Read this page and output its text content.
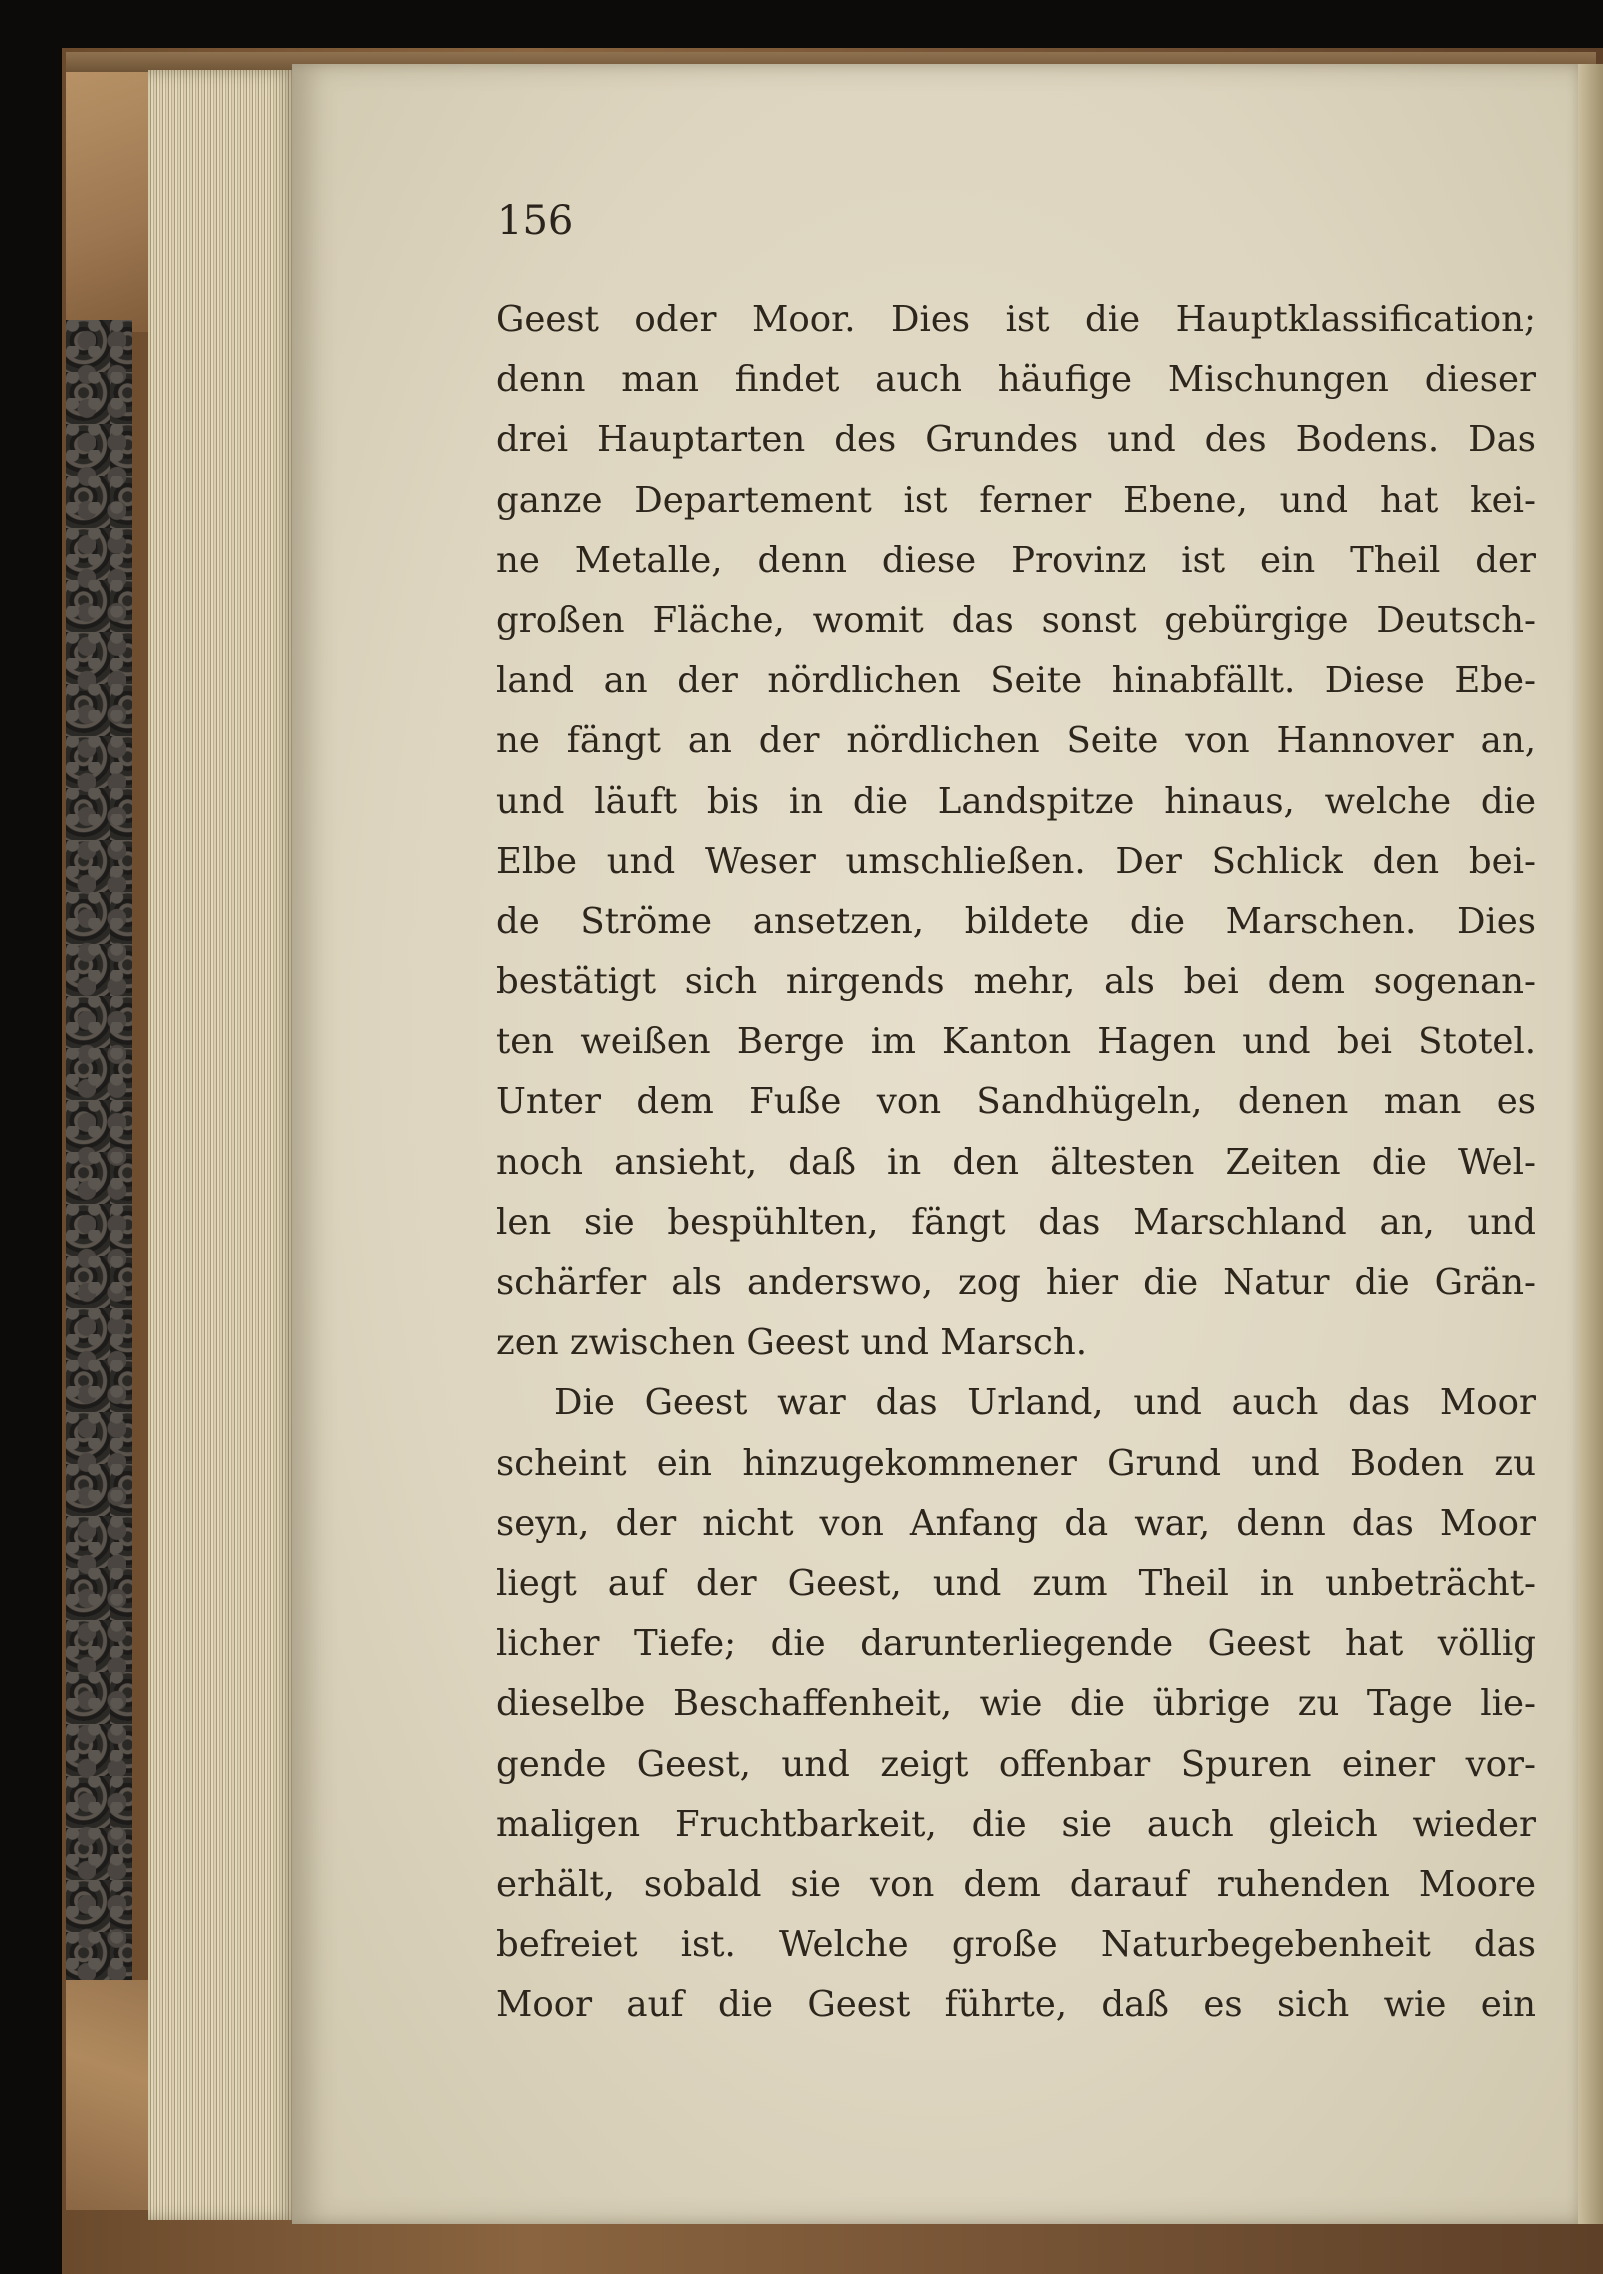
156
Geest oder Moor. Dies ist die Hauptklassification;
denn man findet auch häufige Mischungen dieser
drei Hauptarten des Grundes und des Bodens. Das
ganze Departement ist ferner Ebene, und hat kei-
ne Metalle, denn diese Provinz ist ein Theil der
großen Fläche, womit das sonst gebürgige Deutsch-
land an der nördlichen Seite hinabfällt. Diese Ebe-
ne fängt an der nördlichen Seite von Hannover an,
und läuft bis in die Landspitze hinaus, welche die
Elbe und Weser umschließen. Der Schlick den bei-
de Ströme ansetzen, bildete die Marschen. Dies
bestätigt sich nirgends mehr, als bei dem sogenan-
ten weißen Berge im Kanton Hagen und bei Stotel.
Unter dem Fuße von Sandhügeln, denen man es
noch ansieht, daß in den ältesten Zeiten die Wel-
len sie bespühlten, fängt das Marschland an, und
schärfer als anderswo, zog hier die Natur die Grän-
zen zwischen Geest und Marsch.
Die Geest war das Urland, und auch das Moor
scheint ein hinzugekommener Grund und Boden zu
seyn, der nicht von Anfang da war, denn das Moor
liegt auf der Geest, und zum Theil in unbeträcht-
licher Tiefe; die darunterliegende Geest hat völlig
dieselbe Beschaffenheit, wie die übrige zu Tage lie-
gende Geest, und zeigt offenbar Spuren einer vor-
maligen Fruchtbarkeit, die sie auch gleich wieder
erhält, sobald sie von dem darauf ruhenden Moore
befreiet ist. Welche große Naturbegebenheit das
Moor auf die Geest führte, daß es sich wie ein
